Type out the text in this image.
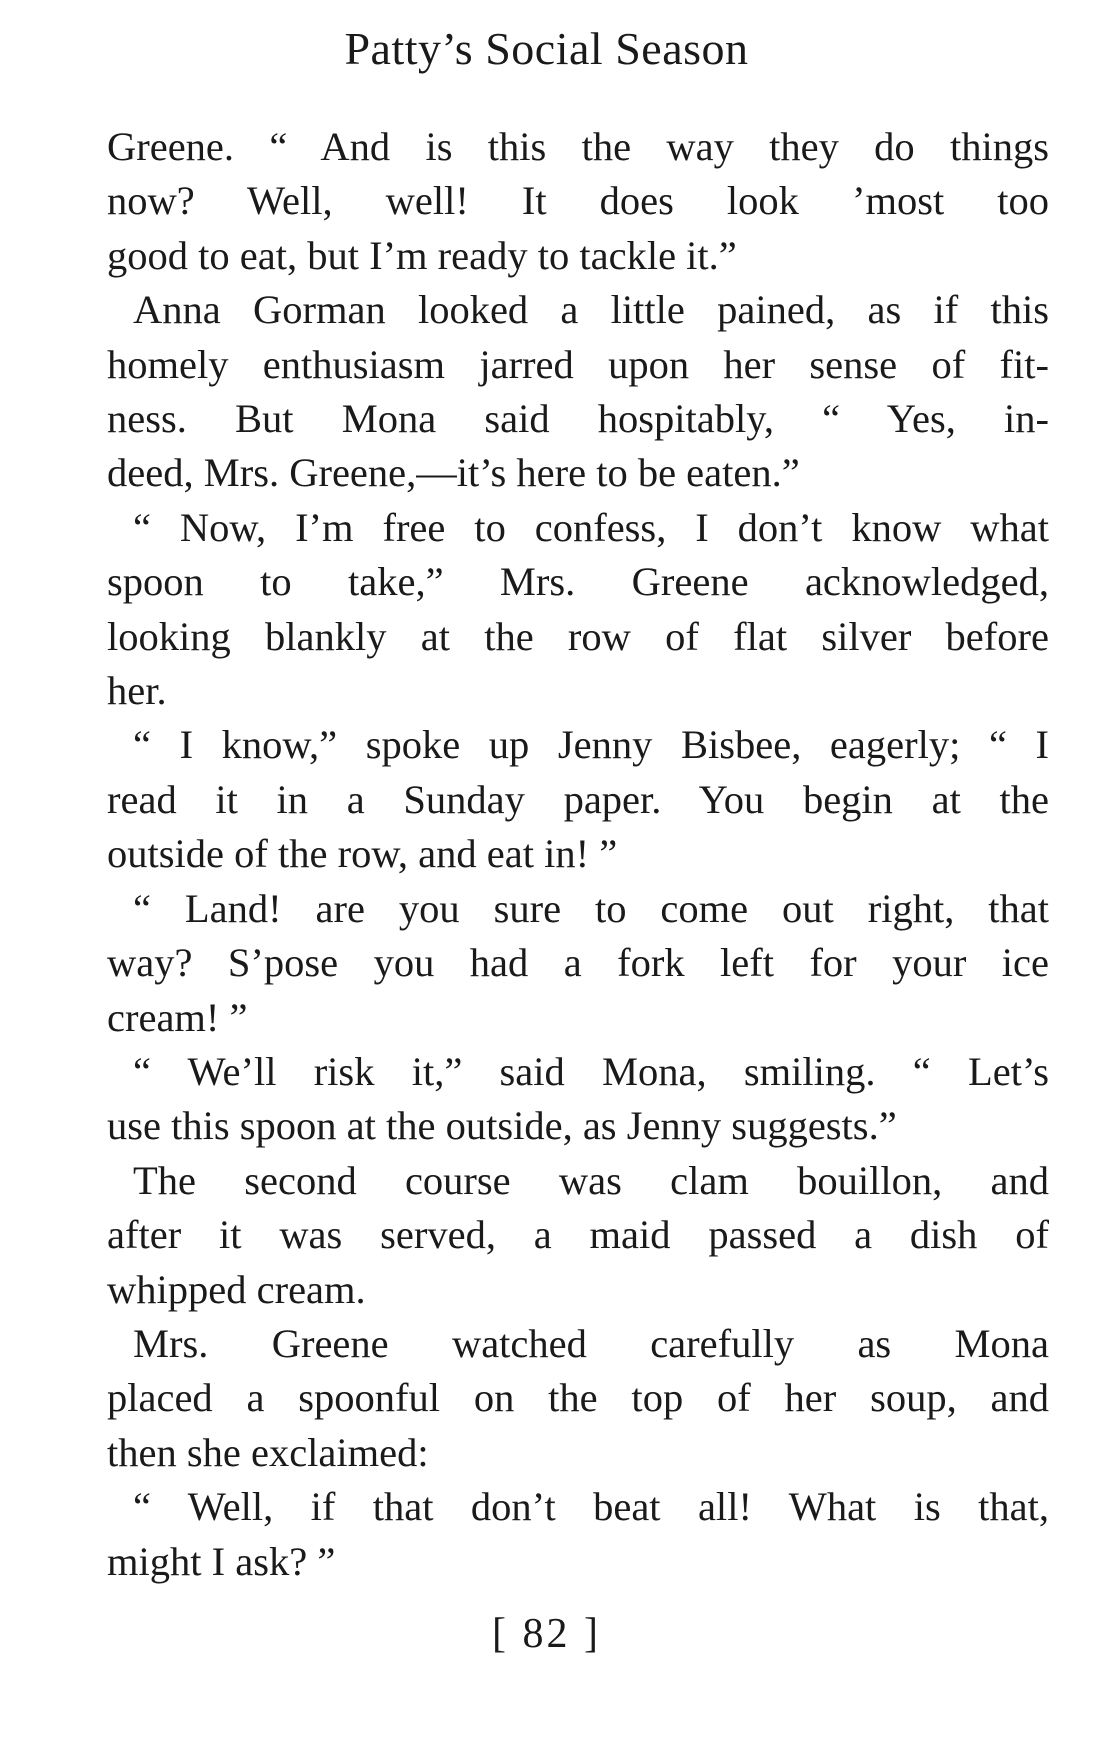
Patty’s Social Season
Greene. “ And is this the way they do things
now? Well, well! It does look ’most too
good to eat, but I’m ready to tackle it.”
Anna Gorman looked a little pained, as if this
homely enthusiasm jarred upon her sense of fit-
ness. But Mona said hospitably, “ Yes, in-
deed, Mrs. Greene,—it’s here to be eaten.”
“ Now, I’m free to confess, I don’t know what
spoon to take,” Mrs. Greene acknowledged,
looking blankly at the row of flat silver before
her.
“ I know,” spoke up Jenny Bisbee, eagerly; “ I
read it in a Sunday paper. You begin at the
outside of the row, and eat in! ”
“ Land! are you sure to come out right, that
way? S’pose you had a fork left for your ice
cream! ”
“ We’ll risk it,” said Mona, smiling. “ Let’s
use this spoon at the outside, as Jenny suggests.”
The second course was clam bouillon, and
after it was served, a maid passed a dish of
whipped cream.
Mrs. Greene watched carefully as Mona
placed a spoonful on the top of her soup, and
then she exclaimed:
“ Well, if that don’t beat all! What is that,
might I ask? ”
[ 82 ]
